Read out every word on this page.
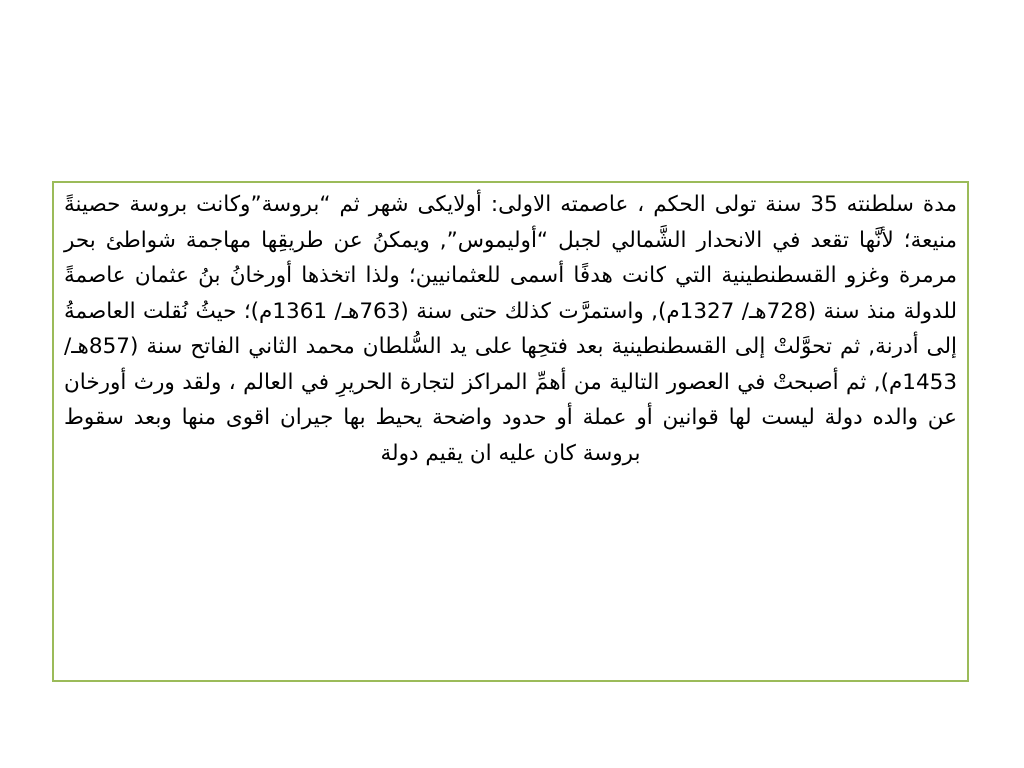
مدة سلطنته 35 سنة تولى الحكم ، عاصمته الاولى: أولايكى شهر ثم “بروسة”وكانت بروسة حصينةً منيعة؛ لأنَّها تقعد في الانحدار الشَّمالي لجبل “أوليموس”, ويمكنُ عن طريقِها مهاجمة شواطئ بحر مرمرة وغزو القسطنطينية التي كانت هدفًا أسمى للعثمانيين؛ ولذا اتخذها أورخانُ بنُ عثمان عاصمةً للدولة منذ سنة (728هـ/ 1327م), واستمرَّت كذلك حتى سنة (763هـ/ 1361م)؛ حيثُ نُقلت العاصمةُ إلى أدرنة, ثم تحوَّلتْ إلى القسطنطينية بعد فتحِها على يد السُّلطان محمد الثاني الفاتح سنة (857هـ/ 1453م), ثم أصبحتْ في العصور التالية من أهمِّ المراكز لتجارة الحريرِ في العالم ، ولقد ورث أورخان عن والده دولة ليست لها قوانين أو عملة أو حدود واضحة يحيط بها جيران اقوى منها وبعد سقوط بروسة كان عليه ان يقيم دولة
